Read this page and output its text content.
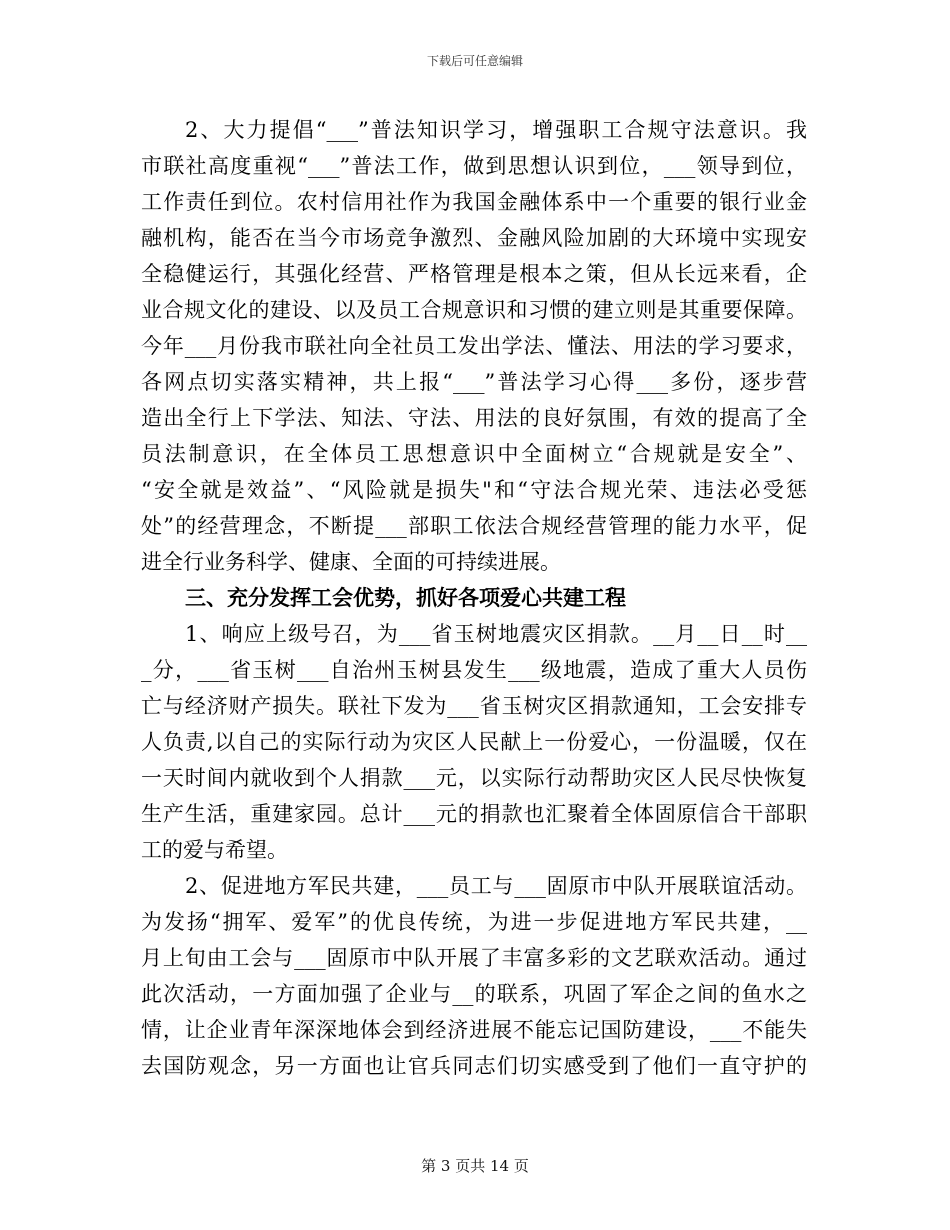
下载后可任意编辑
2、大力提倡“___”普法知识学习，增强职工合规守法意识。我
市联社高度重视“___”普法工作，做到思想认识到位，___领导到位，
工作责任到位。农村信用社作为我国金融体系中一个重要的银行业金
融机构，能否在当今市场竞争激烈、金融风险加剧的大环境中实现安
全稳健运行，其强化经营、严格管理是根本之策，但从长远来看，企
业合规文化的建设、以及员工合规意识和习惯的建立则是其重要保障。
今年___月份我市联社向全社员工发出学法、懂法、用法的学习要求，
各网点切实落实精神，共上报“___”普法学习心得___多份，逐步营
造出全行上下学法、知法、守法、用法的良好氛围，有效的提高了全
员法制意识，在全体员工思想意识中全面树立“合规就是安全”、
“安全就是效益”、“风险就是损失"和“守法合规光荣、违法必受惩
处”的经营理念，不断提___部职工依法合规经营管理的能力水平，促
进全行业务科学、健康、全面的可持续进展。
三、充分发挥工会优势，抓好各项爱心共建工程
1、响应上级号召，为___省玉树地震灾区捐款。__月__日__时__
_分，___省玉树___自治州玉树县发生___级地震，造成了重大人员伤
亡与经济财产损失。联社下发为___省玉树灾区捐款通知，工会安排专
人负责,以自己的实际行动为灾区人民献上一份爱心，一份温暖，仅在
一天时间内就收到个人捐款___元，以实际行动帮助灾区人民尽快恢复
生产生活，重建家园。总计___元的捐款也汇聚着全体固原信合干部职
工的爱与希望。
2、促进地方军民共建，___员工与___固原市中队开展联谊活动。
为发扬“拥军、爱军”的优良传统，为进一步促进地方军民共建，__
月上旬由工会与___固原市中队开展了丰富多彩的文艺联欢活动。通过
此次活动，一方面加强了企业与__的联系，巩固了军企之间的鱼水之
情，让企业青年深深地体会到经济进展不能忘记国防建设，___不能失
去国防观念，另一方面也让官兵同志们切实感受到了他们一直守护的
第 3 页共 14 页
